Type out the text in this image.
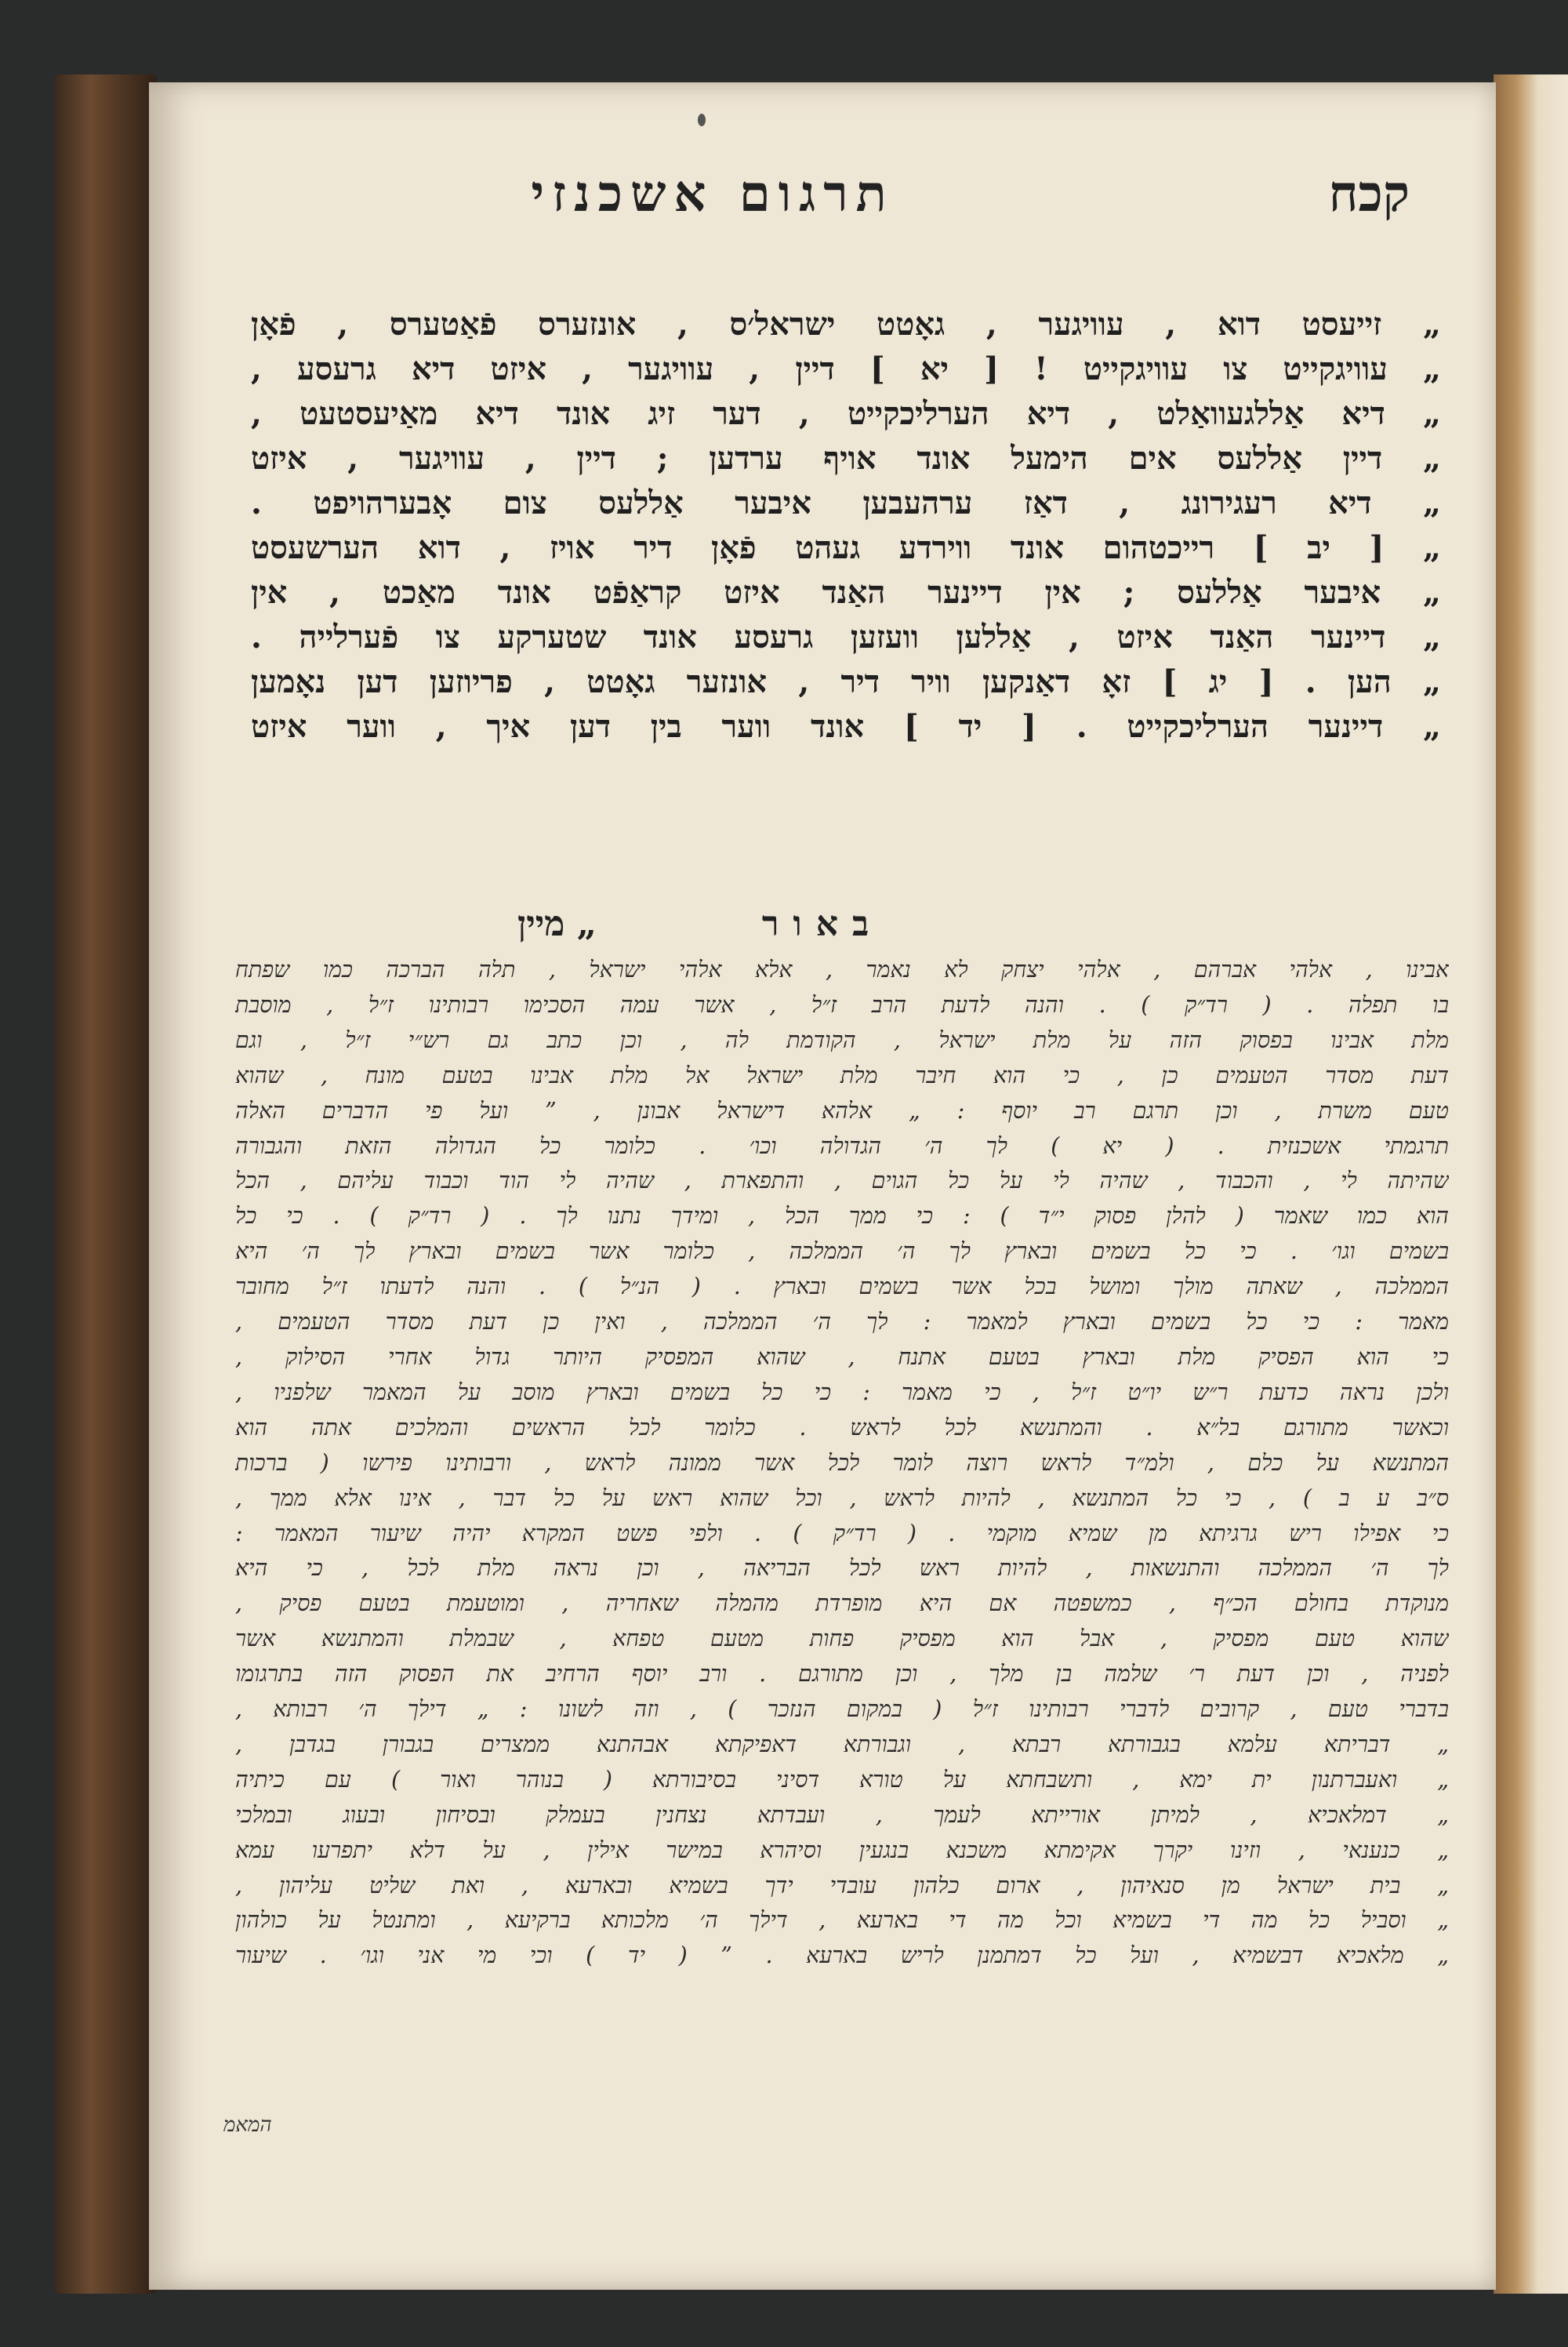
תרגום אשכנזי	קכח
„ זייעסט דוא , עוויגער , גאָטט ישראל׳ס , אונזערס פֿאַטערס , פֿאָן
„ עוויגקייט צו עוויגקייט ! [ יא ] דיין , עוויגער , איזט דיא גרעסע ,
„ דיא אַללגעוואַלט , דיא הערליכקייט , דער זיג אונד דיא מאַיעסטעט ,
„ דיין אַללעס אים הימעל אונד אויף ערדען ; דיין , עוויגער , איזט
„ דיא רעגירונג , דאַז ערהעבען איבער אַללעס צום אָבערהויפט .
„ [ יב ] רייכטהום אונד ווירדע געהט פֿאָן דיר אויז , דוא הערשעסט
„ איבער אַללעס ; אין דיינער האַנד איזט קראַפֿט אונד מאַכט , אין
„ דיינער האַנד איזט , אַללען וועזען גרעסע אונד שטערקע צו פֿערלייה .
„ הען . [ יג ] זאָ דאַנקען וויר דיר , אונזער גאָטט , פריוזען דען נאָמען
„ דיינער הערליכקייט . [ יד ] אונד ווער בין דען איך , ווער איזט
באור
„ מיין
אבינו , אלהי אברהם , אלהי יצחק לא נאמר , אלא אלהי ישראל , תלה הברכה כמו שפתח
בו תפלה . ( רד״ק ) . והנה לדעת הרב ז״ל , אשר עמה הסכימו רבותינו ז״ל , מוסבת
מלת אבינו בפסוק הזה על מלת ישראל , הקודמת לה , וכן כתב גם רש״י ז״ל , וגם
דעת מסדר הטעמים כן , כי הוא חיבר מלת ישראל אל מלת אבינו בטעם מונח , שהוא
טעם משרת , וכן תרגם רב יוסף : „ אלהא דישראל אבונן , ” ועל פי הדברים האלה
תרגמתי אשכנזית . ( יא ) לך ה׳ הגדולה וכו׳ . כלומר כל הגדולה הזאת והגבורה
שהיתה לי , והכבוד , שהיה לי על כל הגוים , והתפארת , שהיה לי הוד וכבוד עליהם , הכל
הוא כמו שאמר ( להלן פסוק י״ד ) : כי ממך הכל , ומידך נתנו לך . ( רד״ק ) . כי כל
בשמים וגו׳ . כי כל בשמים ובארץ לך ה׳ הממלכה , כלומר אשר בשמים ובארץ לך ה׳ היא
הממלכה , שאתה מולך ומושל בכל אשר בשמים ובארץ . ( הנ״ל ) . והנה לדעתו ז״ל מחובר
מאמר : כי כל בשמים ובארץ למאמר : לך ה׳ הממלכה , ואין כן דעת מסדר הטעמים ,
כי הוא הפסיק מלת ובארץ בטעם אתנח , שהוא המפסיק היותר גדול אחרי הסילוק ,
ולכן נראה כדעת ר״ש יו״ט ז״ל , כי מאמר : כי כל בשמים ובארץ מוסב על המאמר שלפניו ,
וכאשר מתורגם בל״א . והמתנשא לכל לראש . כלומר לכל הראשים והמלכים אתה הוא
המתנשא על כלם , ולמ״ד לראש רוצה לומר לכל אשר ממונה לראש , ורבותינו פירשו ( ברכות
ס״ב ע ב ) , כי כל המתנשא , להיות לראש , וכל שהוא ראש על כל דבר , אינו אלא ממך ,
כי אפילו ריש גרגיתא מן שמיא מוקמי . ( רד״ק ) . ולפי פשט המקרא יהיה שיעור המאמר :
לך ה׳ הממלכה והתנשאות , להיות ראש לכל הבריאה , וכן נראה מלת לכל , כי היא
מנוקדת בחולם הכ״ף , כמשפטה אם היא מופרדת מהמלה שאחריה , ומוטעמת בטעם פסיק ,
שהוא טעם מפסיק , אבל הוא מפסיק פחות מטעם טפחא , שבמלת והמתנשא אשר
לפניה , וכן דעת ר׳ שלמה בן מלך , וכן מתורגם . ורב יוסף הרחיב את הפסוק הזה בתרגומו
בדברי טעם , קרובים לדברי רבותינו ז״ל ( במקום הנזכר ) , וזה לשונו : „ דילך ה׳ רבותא ,
„ דבריתא עלמא בגבורתא רבתא , וגבורתא דאפיקתא אבהתנא ממצרים בגבורן בגדבן ,
„ ואעברתנון ית ימא , ותשבחתא על טורא דסיני בסיבורתא ( בנוהר ואור ) עם כיתיה
„ דמלאכיא , למיתן אורייתא לעמך , ועבדתא נצחנין בעמלק ובסיחון ובעוג ובמלכי
„ כנענאי , וזינו יקרך אקימתא משכנא בנגעין וסיהרא במישר אילין , על דלא יתפרעו עמא
„ בית ישראל מן סנאיהון , ארום כלהון עובדי ידך בשמיא ובארעא , ואת שליט עליהון ,
„ וסביל כל מה די בשמיא וכל מה די בארעא , דילך ה׳ מלכותא ברקיעא , ומתנטל על כולהון
„ מלאכיא דבשמיא , ועל כל דמתמנן לריש בארעא . ” ( יד ) וכי מי אני וגו׳ . שיעור
המאמ
